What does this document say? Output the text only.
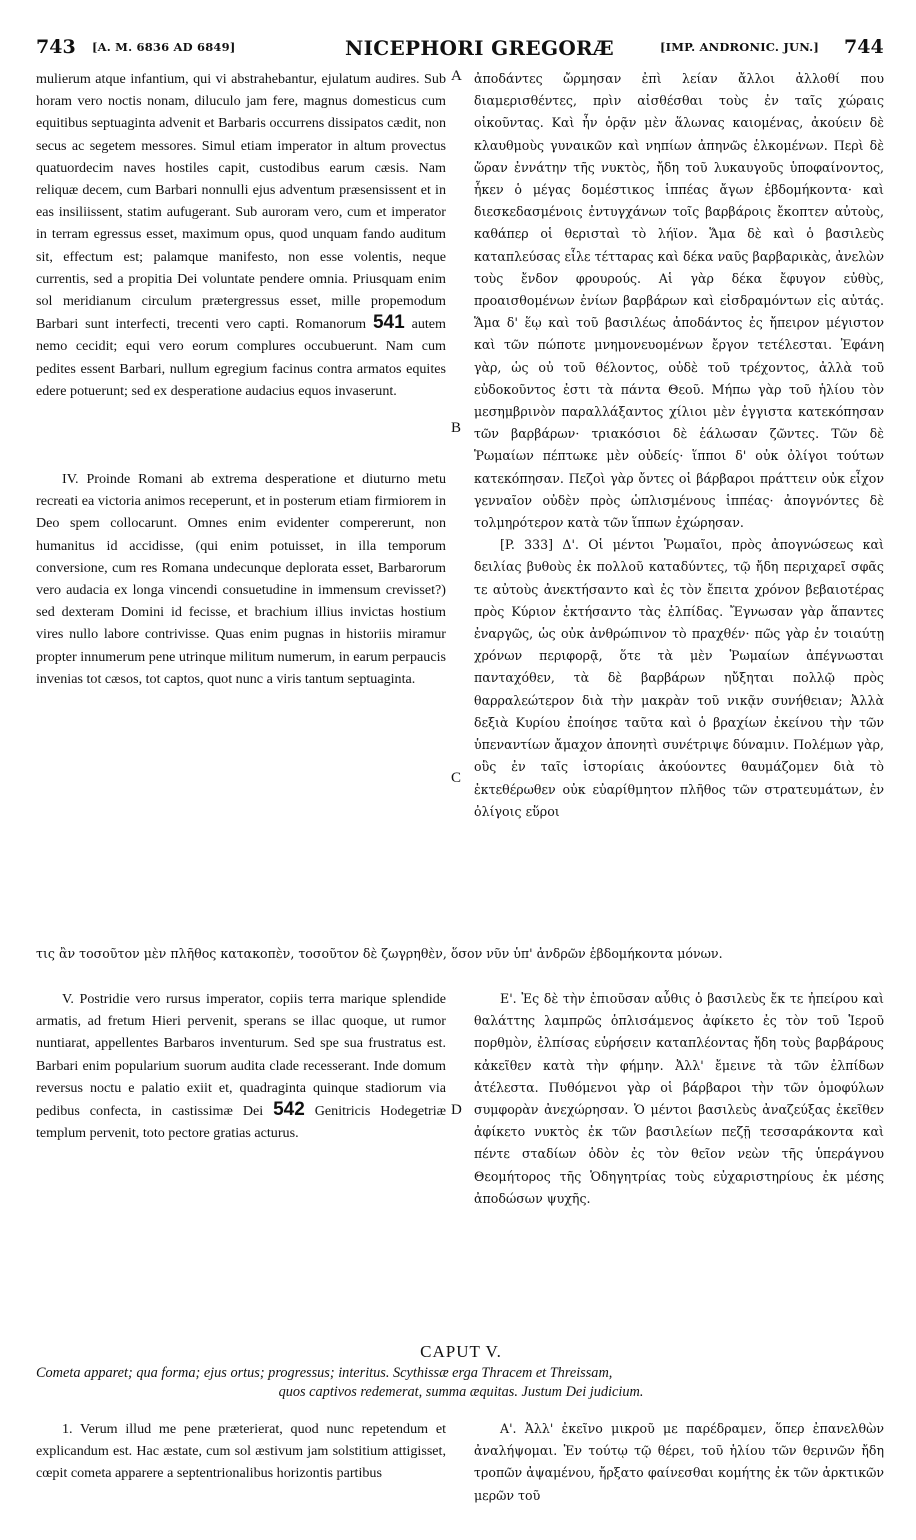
743 [A. M. 6836 AD 6849]	NICEPHORI GREGORÆ	[IMP. ANDRONIC. JUN.] 744

mulierum atque infantium, qui vi abstrahebantur, ejulatum audires. Sub horam vero noctis nonam, diluculo jam fere, magnus domesticus cum equitibus septuaginta advenit et Barbaris occurrens dissipatos cædit, non secus ac segetem messores. Simul etiam imperator in altum provectus quatuordecim naves hostiles capit, custodibus earum cæsis. Nam reliquæ decem, cum Barbari nonnulli ejus adventum præsensissent et in eas insiliissent, statim aufugerant. Sub auroram vero, cum et imperator in terram egressus esset, maximum opus, quod unquam fando auditum sit, effectum est; palamque manifesto, non esse volentis, neque currentis, sed a propitia Dei voluntate pendere omnia. Priusquam enim sol meridianum circulum prætergressus esset, mille propemodum Barbari sunt interfecti, trecenti vero capti. Romanorum 541 autem nemo cecidit; equi vero eorum complures occubuerunt. Nam cum pedites essent Barbari, nullum egregium facinus contra armatos equites edere potuerunt; sed ex desperatione audacius equos invaserunt.

IV. Proinde Romani ab extrema desperatione et diuturno metu recreati ea victoria animos receperunt, et in posterum etiam firmiorem in Deo spem collocarunt. Omnes enim evidenter compererunt, non humanitus id accidisse, (qui enim potuisset, in illa temporum conversione, cum res Romana undecunque deplorata esset, Barbarorum vero audacia ex longa vincendi consuetudine in immensum crevisset?) sed dexteram Domini id fecisse, et brachium illius invictas hostium vires nullo labore contrivisse. Quas enim pugnas in historiis miramur propter innumerum pene utrinque militum numerum, in earum perpaucis invenias tot cæsos, tot captos, quot nunc a viris tantum septuaginta.

ἀποδάντες ὤρμησαν ἐπὶ λείαν ἄλλοι ἀλλοθί που διαμερισθέντες, πρὶν αἰσθέσθαι τοὺς ἐν ταῖς χώραις οἰκοῦντας. Καὶ ἦν ὁρᾷν μὲν ἅλωνας καιομένας, ἀκούειν δὲ κλαυθμοὺς γυναικῶν καὶ νηπίων ἀπηνῶς ἑλκομένων. Περὶ δὲ ὥραν ἐννάτην τῆς νυκτὸς, ἤδη τοῦ λυκαυγοῦς ὑποφαίνοντος, ἧκεν ὁ μέγας δομέστικος ἱππέας ἄγων ἑβδομήκοντα· καὶ διεσκεδασμένοις ἐντυγχάνων τοῖς βαρβάροις ἔκοπτεν αὐτοὺς, καθάπερ οἱ θερισταὶ τὸ λήϊον. Ἅμα δὲ καὶ ὁ βασιλεὺς καταπλεύσας εἷλε τέτταρας καὶ δέκα ναῦς βαρβαρικὰς, ἀνελὼν τοὺς ἔνδον φρουρούς. Αἱ γὰρ δέκα ἔφυγον εὐθὺς, προαισθομένων ἐνίων βαρβάρων καὶ εἰσδραμόντων εἰς αὐτάς. Ἅμα δ' ἕῳ καὶ τοῦ βασιλέως ἀποδάντος ἐς ἤπειρον μέγιστον καὶ τῶν πώποτε μνημονευομένων ἔργον τετέλεσται. Ἐφάνη γὰρ, ὡς οὐ τοῦ θέλοντος, οὐδὲ τοῦ τρέχοντος, ἀλλὰ τοῦ εὐδοκοῦντος ἐστι τὰ πάντα Θεοῦ. Μήπω γὰρ τοῦ ἡλίου τὸν μεσημβρινὸν παραλλάξαντος χίλιοι μὲν ἐγγιστα κατεκόπησαν τῶν βαρβάρων· τριακόσιοι δὲ ἑάλωσαν ζῶντες. Τῶν δὲ Ῥωμαίων πέπτωκε μὲν οὐδείς· ἵπποι δ' οὐκ ὀλίγοι τούτων κατεκόπησαν. Πεζοὶ γὰρ ὄντες οἱ βάρβαροι πράττειν οὐκ εἶχον γενναῖον οὐδὲν πρὸς ὡπλισμένους ἱππέας· ἀπογνόντες δὲ τολμηρότερον κατὰ τῶν ἵππων ἐχώρησαν.

[P. 333] Δ'. Οἱ μέντοι Ῥωμαῖοι, πρὸς ἀπογνώσεως καὶ δειλίας βυθοὺς ἐκ πολλοῦ καταδύντες, τῷ ἤδη περιχαρεῖ σφᾶς τε αὐτοὺς ἀνεκτήσαντο καὶ ἐς τὸν ἔπειτα χρόνον βεβαιοτέρας πρὸς Κύριον ἐκτήσαντο τὰς ἐλπίδας. Ἔγνωσαν γὰρ ἅπαντες ἐναργῶς, ὡς οὐκ ἀνθρώπινον τὸ πραχθέν· πῶς γὰρ ἐν τοιαύτῃ χρόνων περιφορᾷ, ὅτε τὰ μὲν Ῥωμαίων ἀπέγνωσται πανταχόθεν, τὰ δὲ βαρβάρων ηὔξηται πολλῷ πρὸς θαρραλεώτερον διὰ τὴν μακρὰν τοῦ νικᾷν συνήθειαν; Ἀλλὰ δεξιὰ Κυρίου ἐποίησε ταῦτα καὶ ὁ βραχίων ἐκείνου τὴν τῶν ὑπεναντίων ἄμαχον ἀπονητὶ συνέτριψε δύναμιν. Πολέμων γὰρ, οὓς ἐν ταῖς ἱστορίαις ἀκούοντες θαυμάζομεν διὰ τὸ ἐκτεθέρωθεν οὐκ εὐαρίθμητον πλῆθος τῶν στρατευμάτων, ἐν ὀλίγοις εὕροι

τις ἂν τοσοῦτον μὲν πλῆθος κατακοπὲν, τοσοῦτον δὲ ζωγρηθὲν, ὅσον νῦν ὑπ' ἀνδρῶν ἑβδομήκοντα μόνων.

V. Postridie vero rursus imperator, copiis terra marique splendide armatis, ad fretum Hieri pervenit, sperans se illac quoque, ut rumor nuntiarat, appellentes Barbaros inventurum. Sed spe sua frustratus est. Barbari enim popularium suorum audita clade recesserant. Inde domum reversus noctu e palatio exiit et, quadraginta quinque stadiorum via pedibus confecta, in castissimæ Dei 542 Genitricis Hodegetriæ templum pervenit, toto pectore gratias acturus.

Ε'. Ἐς δὲ τὴν ἐπιοῦσαν αὖθις ὁ βασιλεὺς ἔκ τε ἠπείρου καὶ θαλάττης λαμπρῶς ὁπλισάμενος ἀφίκετο ἐς τὸν τοῦ Ἱεροῦ πορθμὸν, ἐλπίσας εὑρήσειν καταπλέοντας ἤδη τοὺς βαρβάρους κἀκεῖθεν κατὰ τὴν φήμην. Ἀλλ' ἔμεινε τὰ τῶν ἐλπίδων ἀτέλεστα. Πυθόμενοι γὰρ οἱ βάρβαροι τὴν τῶν ὁμοφύλων συμφορὰν ἀνεχώρησαν. Ὁ μέντοι βασιλεὺς ἀναζεύξας ἐκεῖθεν ἀφίκετο νυκτὸς ἐκ τῶν βασιλείων πεζῇ τεσσαράκοντα καὶ πέντε σταδίων ὁδὸν ἐς τὸν θεῖον νεὼν τῆς ὑπεράγνου Θεομήτορος τῆς Ὁδηγητρίας τοὺς εὐχαριστηρίους ἐκ μέσης ἀποδώσων ψυχῆς.

A
B
C
D
CAPUT V.
Cometa apparet; qua forma; ejus ortus; progressus; interitus. Scythissæ erga Thracem et Threissam,
quos captivos redemerat, summa æquitas. Justum Dei judicium.

1. Verum illud me pene præterierat, quod nunc repetendum et explicandum est. Hac æstate, cum sol æstivum jam solstitium attigisset, cœpit cometa apparere a septentrionalibus horizontis partibus

Α'. Ἀλλ' ἐκεῖνο μικροῦ με παρέδραμεν, ὅπερ ἐπανελθὼν ἀναλήψομαι. Ἐν τούτῳ τῷ θέρει, τοῦ ἡλίου τῶν θερινῶν ἤδη τροπῶν ἀψαμένου, ἤρξατο φαίνεσθαι κομήτης ἐκ τῶν ἀρκτικῶν μερῶν τοῦ
